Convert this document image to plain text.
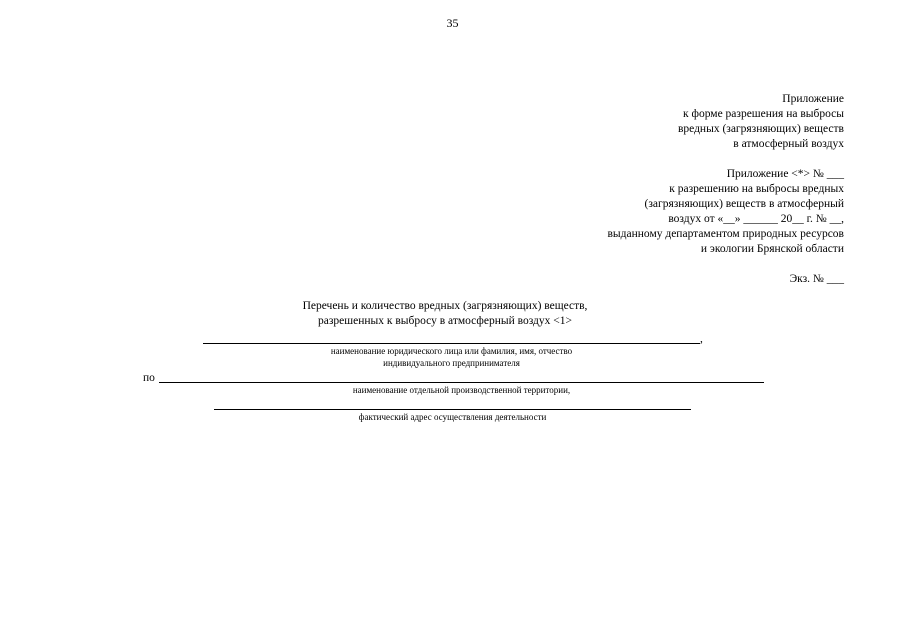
35
Приложение
к форме разрешения на выбросы
вредных (загрязняющих) веществ
в атмосферный воздух
Приложение <*> № ___
к разрешению на выбросы вредных
(загрязняющих) веществ в атмосферный
воздух от «__» ______ 20__ г. № __,
выданному департаментом природных ресурсов
и экологии Брянской области
Экз. № ___
Перечень и количество вредных (загрязняющих) веществ,
разрешенных к выбросу в атмосферный воздух <1>
,
наименование юридического лица или фамилия, имя, отчество
индивидуального предпринимателя
по
наименование отдельной производственной территории,
фактический адрес осуществления деятельности
